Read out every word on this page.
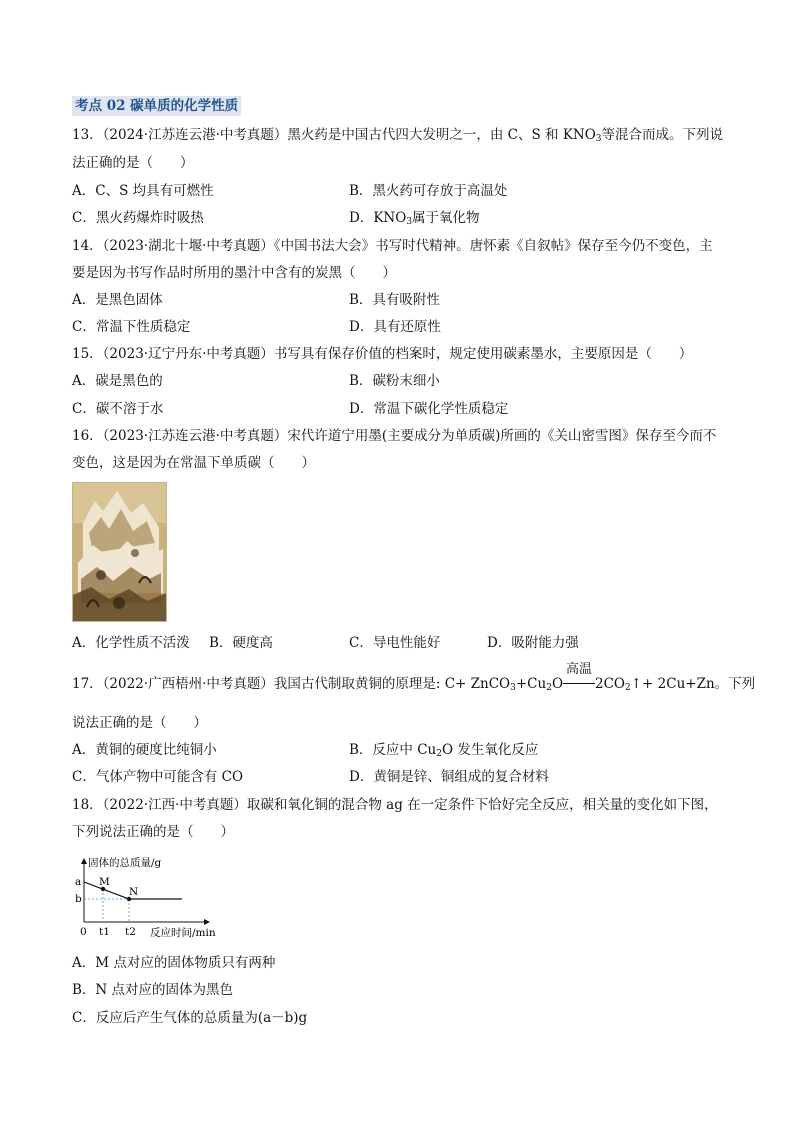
考点 02 碳单质的化学性质
13．（2024·江苏连云港·中考真题）黑火药是中国古代四大发明之一，由 C、S 和 $KNO_3$等混合而成。下列说
法正确的是（　　）
A．C、S 均具有可燃性	B．黑火药可存放于高温处
C．黑火药爆炸时吸热	D．$KNO_3$属于氧化物
14．（2023·湖北十堰·中考真题）《中国书法大会》书写时代精神。唐怀素《自叙帖》保存至今仍不变色，主
要是因为书写作品时所用的墨汁中含有的炭黑（　　）
A．是黑色固体	B．具有吸附性
C．常温下性质稳定	D．具有还原性
15．（2023·辽宁丹东·中考真题）书写具有保存价值的档案时，规定使用碳素墨水，主要原因是（　　）
A．碳是黑色的	B．碳粉末细小
C．碳不溶于水	D．常温下碳化学性质稳定
16．（2023·江苏连云港·中考真题）宋代许道宁用墨(主要成分为单质碳)所画的《关山密雪图》保存至今而不
变色，这是因为在常温下单质碳（　　）
A．化学性质不活泼 B．硬度高	C．导电性能好	D．吸附能力强
17．（2022·广西梧州·中考真题）我国古代制取黄铜的原理是: $C+ ZnCO_3+Cu_2O$
高温
$2CO_2↑+ 2Cu+Zn$。下列
说法正确的是（　　）
A．黄铜的硬度比纯铜小	B．反应中 $Cu_2O$ 发生氧化反应
C．气体产物中可能含有 CO	D．黄铜是锌、铜组成的复合材料
18．（2022·江西·中考真题）取碳和氧化铜的混合物 ag 在一定条件下恰好完全反应，相关量的变化如下图，
下列说法正确的是（　　）
固体的总质量/g
a
b
M
N
0 t1 t2 反应时间/min
A．M 点对应的固体物质只有两种
B．N 点对应的固体为黑色
C．反应后产生气体的总质量为(a－b)g
